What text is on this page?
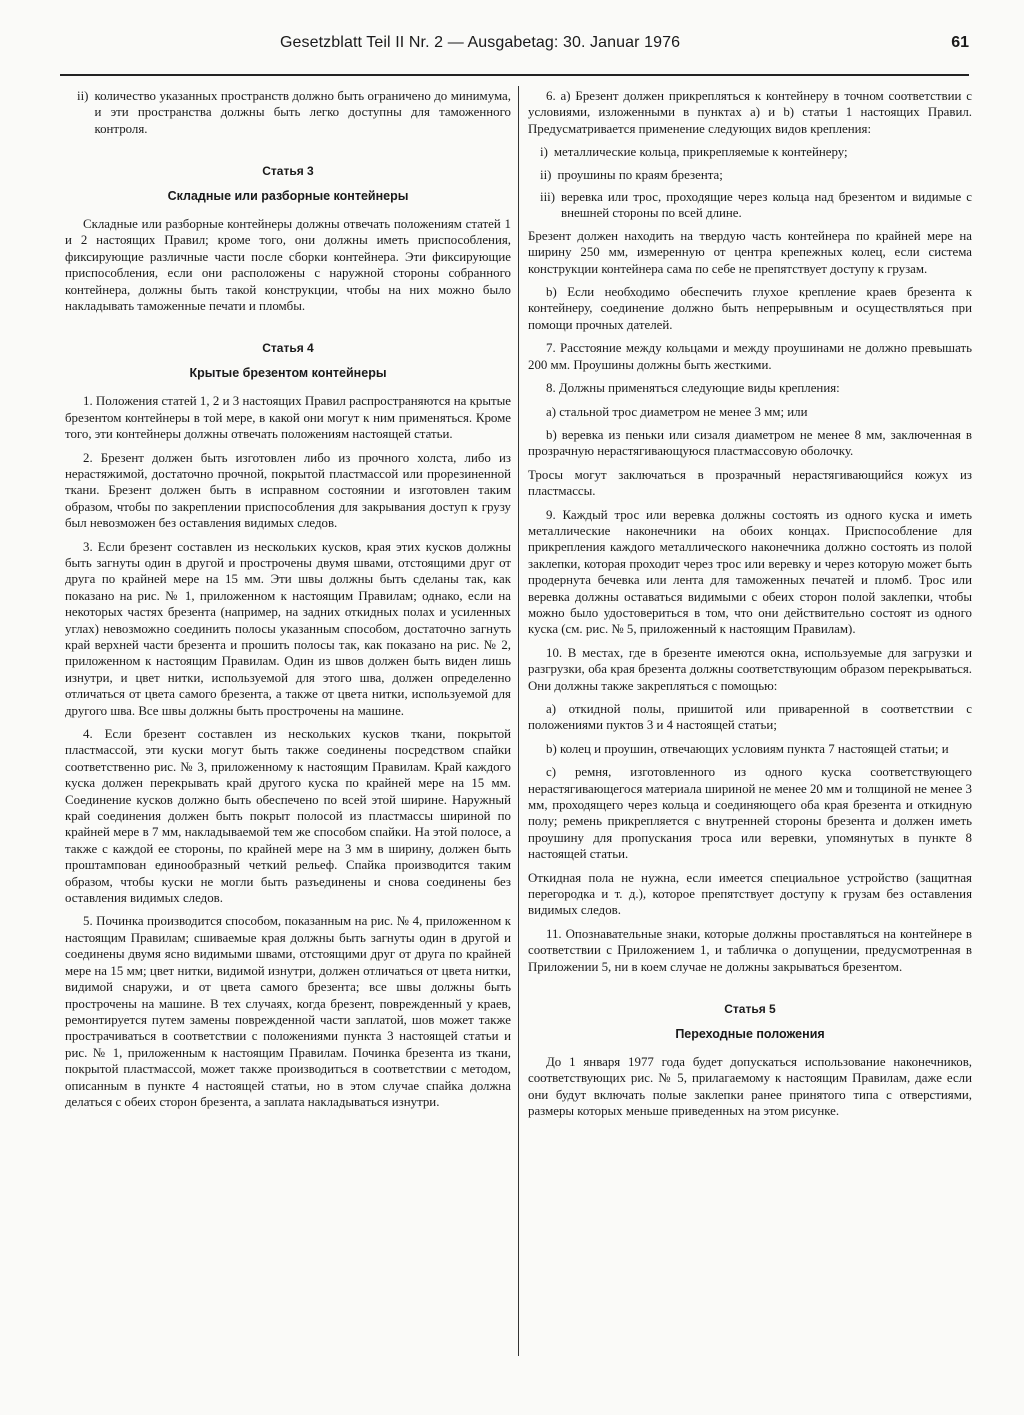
Gesetzblatt Teil II Nr. 2 — Ausgabetag: 30. Januar 1976	61
ii) количество указанных пространств должно быть ограничено до минимума, и эти пространства должны быть легко доступны для таможенного контроля.
Статья 3
Складные или разборные контейнеры

Складные или разборные контейнеры должны отвечать положениям статей 1 и 2 настоящих Правил; кроме того, они должны иметь приспособления, фиксирующие различные части после сборки контейнера. Эти фиксирующие приспособления, если они расположены с наружной стороны собранного контейнера, должны быть такой конструкции, чтобы на них можно было накладывать таможенные печати и пломбы.

Статья 4
Крытые брезентом контейнеры

1. Положения статей 1, 2 и 3 настоящих Правил распространяются на крытые брезентом контейнеры в той мере, в какой они могут к ним применяться. Кроме того, эти контейнеры должны отвечать положениям настоящей статьи.

2. Брезент должен быть изготовлен либо из прочного холста, либо из нерастяжимой, достаточно прочной, покрытой пластмассой или прорезиненной ткани. Брезент должен быть в исправном состоянии и изготовлен таким образом, чтобы по закреплении приспособления для закрывания доступ к грузу был невозможен без оставления видимых следов.

3. Если брезент составлен из нескольких кусков, края этих кусков должны быть загнуты один в другой и прострочены двумя швами, отстоящими друг от друга по крайней мере на 15 мм. Эти швы должны быть сделаны так, как показано на рис. № 1, приложенном к настоящим Правилам; однако, если на некоторых частях брезента (например, на задних откидных полах и усиленных углах) невозможно соединить полосы указанным способом, достаточно загнуть край верхней части брезента и прошить полосы так, как показано на рис. № 2, приложенном к настоящим Правилам. Один из швов должен быть виден лишь изнутри, и цвет нитки, используемой для этого шва, должен определенно отличаться от цвета самого брезента, а также от цвета нитки, используемой для другого шва. Все швы должны быть прострочены на машине.

4. Если брезент составлен из нескольких кусков ткани, покрытой пластмассой, эти куски могут быть также соединены посредством спайки соответственно рис. № 3, приложенному к настоящим Правилам. Край каждого куска должен перекрывать край другого куска по крайней мере на 15 мм. Соединение кусков должно быть обеспечено по всей этой ширине. Наружный край соединения должен быть покрыт полосой из пластмассы шириной по крайней мере в 7 мм, накладываемой тем же способом спайки. На этой полосе, а также с каждой ее стороны, по крайней мере на 3 мм в ширину, должен быть проштампован единообразный четкий рельеф. Спайка производится таким образом, чтобы куски не могли быть разъединены и снова соединены без оставления видимых следов.

5. Починка производится способом, показанным на рис. № 4, приложенном к настоящим Правилам; сшиваемые края должны быть загнуты один в другой и соединены двумя ясно видимыми швами, отстоящими друг от друга по крайней мере на 15 мм; цвет нитки, видимой изнутри, должен отличаться от цвета нитки, видимой снаружи, и от цвета самого брезента; все швы должны быть прострочены на машине. В тех случаях, когда брезент, поврежденный у краев, ремонтируется путем замены поврежденной части заплатой, шов может также прострачиваться в соответствии с положениями пункта 3 настоящей статьи и рис. № 1, приложенным к настоящим Правилам. Починка брезента из ткани, покрытой пластмассой, может также производиться в соответствии с методом, описанным в пункте 4 настоящей статьи, но в этом случае спайка должна делаться с обеих сторон брезента, а заплата накладываться изнутри.

6. а) Брезент должен прикрепляться к контейнеру в точном соответствии с условиями, изложенными в пунктах а) и b) статьи 1 настоящих Правил. Предусматривается применение следующих видов крепления:

i) металлические кольца, прикрепляемые к контейнеру;
ii) проушины по краям брезента;
iii) веревка или трос, проходящие через кольца над брезентом и видимые с внешней стороны по всей длине.

Брезент должен находить на твердую часть контейнера по крайней мере на ширину 250 мм, измеренную от центра крепежных колец, если система конструкции контейнера сама по себе не препятствует доступу к грузам.

b) Если необходимо обеспечить глухое крепление краев брезента к контейнеру, соединение должно быть непрерывным и осуществляться при помощи прочных дателей.

7. Расстояние между кольцами и между проушинами не должно превышать 200 мм. Проушины должны быть жесткими.

8. Должны применяться следующие виды крепления:

а) стальной трос диаметром не менее 3 мм; или

b) веревка из пеньки или сизаля диаметром не менее 8 мм, заключенная в прозрачную нерастягивающуюся пластмассовую оболочку.

Тросы могут заключаться в прозрачный нерастягивающийся кожух из пластмассы.

9. Каждый трос или веревка должны состоять из одного куска и иметь металлические наконечники на обоих концах. Приспособление для прикрепления каждого металлического наконечника должно состоять из полой заклепки, которая проходит через трос или веревку и через которую может быть продернута бечевка или лента для таможенных печатей и пломб. Трос или веревка должны оставаться видимыми с обеих сторон полой заклепки, чтобы можно было удостовериться в том, что они действительно состоят из одного куска (см. рис. № 5, приложенный к настоящим Правилам).

10. В местах, где в брезенте имеются окна, используемые для загрузки и разгрузки, оба края брезента должны соответствующим образом перекрываться. Они должны также закрепляться с помощью:

а) откидной полы, пришитой или приваренной в соответствии с положениями пуктов 3 и 4 настоящей статьи;

b) колец и проушин, отвечающих условиям пункта 7 настоящей статьи; и

с) ремня, изготовленного из одного куска соответствующего нерастягивающегося материала шириной не менее 20 мм и толщиной не менее 3 мм, проходящего через кольца и соединяющего оба края брезента и откидную полу; ремень прикрепляется с внутренней стороны брезента и должен иметь проушину для пропускания троса или веревки, упомянутых в пункте 8 настоящей статьи.

Откидная пола не нужна, если имеется специальное устройство (защитная перегородка и т. д.), которое препятствует доступу к грузам без оставления видимых следов.

11. Опознавательные знаки, которые должны проставляться на контейнере в соответствии с Приложением 1, и табличка о допущении, предусмотренная в Приложении 5, ни в коем случае не должны закрываться брезентом.

Статья 5
Переходные положения

До 1 января 1977 года будет допускаться использование наконечников, соответствующих рис. № 5, прилагаемому к настоящим Правилам, даже если они будут включать полые заклепки ранее принятого типа с отверстиями, размеры которых меньше приведенных на этом рисунке.
